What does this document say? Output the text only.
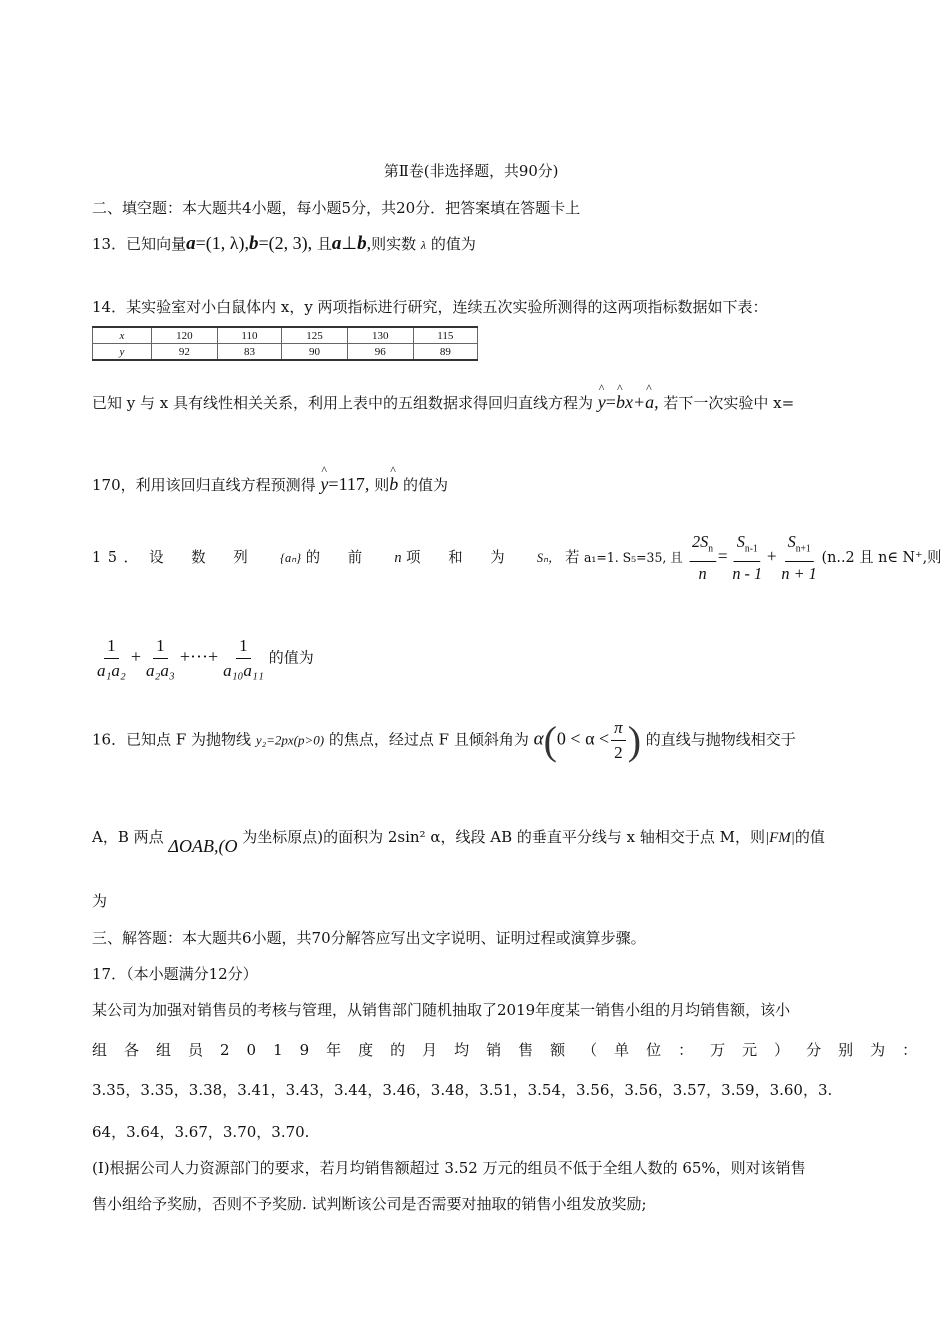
第Ⅱ卷(非选择题，共90分)
二、填空题：本大题共4小题，每小题5分，共20分．把答案填在答题卡上
13．已知向量a=(1, λ),b=(2, 3), 且a⊥b,则实数 λ 的值为
14．某实验室对小白鼠体内 x，y 两项指标进行研究，连续五次实验所测得的这两项指标数据如下表：
x	120	110	125	130	115
y	92	83	90	96	89
已知 y 与 x 具有线性相关关系，利用上表中的五组数据求得回归直线方程为 ^ y=^ bx+^ a, 若下一次实验中 x=
170，利用该回归直线方程预测得 ^ y=117, 则^ b 的值为
15． 设数列 {aₙ} 的前 n 项和为 Sₙ， 若 a₁=1. S₅=35, 且 $\frac{2S_n}{n} = \frac{S_{n-1}}{n - 1} + \frac{S_{n+1}}{n + 1} (n..2$ 且 n∈ N⁺,则
$\frac{1}{\text{a₁a₂}} + \frac{1}{\text{a₂a₃}}$ +···+ $\frac{1}{\text{a₁₀a₁₁}}$ 的值为
16．已知点 F 为抛物线 y₂=2px(p>0) 的焦点，经过点 F 且倾斜角为 $\alpha(0 < \alpha < \frac{\pi}{2}$ ) 的直线与抛物线相交于
A，B 两点 ΔOAB,(O 为坐标原点)的面积为 2sin² α，线段 AB 的垂直平分线与 x 轴相交于点 M，则|FM|的值
为
三、解答题：本大题共6小题，共70分解答应写出文字说明、证明过程或演算步骤。
17．（本小题满分12分）
某公司为加强对销售员的考核与管理，从销售部门随机抽取了2019年度某一销售小组的月均销售额，该小
组各组员2019年度的月均销售额（单位：万元）分别为：
3.35，3.35，3.38，3.41，3.43，3.44，3.46，3.48，3.51，3.54，3.56，3.56，3.57，3.59，3.60，3.
64，3.64，3.67，3.70，3.70.
(Ⅰ)根据公司人力资源部门的要求，若月均销售额超过 3.52 万元的组员不低于全组人数的 65%，则对该销售
售小组给予奖励，否则不予奖励. 试判断该公司是否需要对抽取的销售小组发放奖励;
